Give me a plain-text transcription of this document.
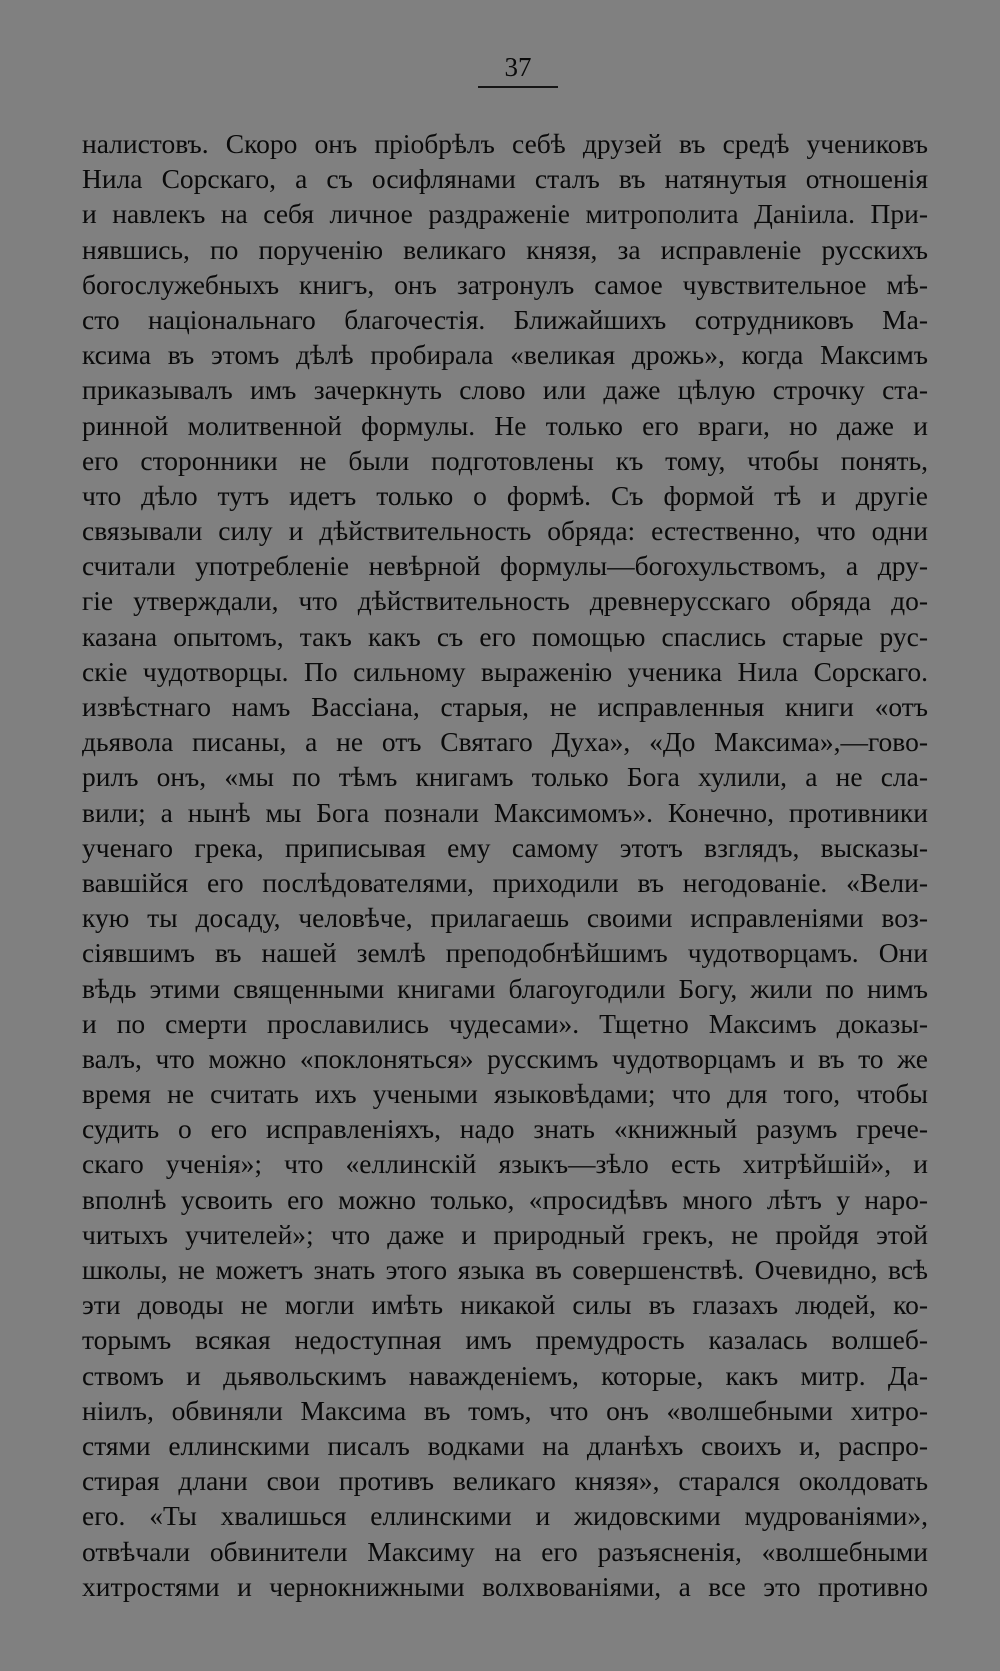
37
налистовъ. Скоро онъ пріобрѣлъ себѣ друзей въ средѣ учениковъ
Нила Сорскаго, а съ осифлянами сталъ въ натянутыя отношенія
и навлекъ на себя личное раздраженіе митрополита Даніила. При-
нявшись, по порученію великаго князя, за исправленіе русскихъ
богослужебныхъ книгъ, онъ затронулъ самое чувствительное мѣ-
сто національнаго благочестія. Ближайшихъ сотрудниковъ Ма-
ксима въ этомъ дѣлѣ пробирала «великая дрожь», когда Максимъ
приказывалъ имъ зачеркнуть слово или даже цѣлую строчку ста-
ринной молитвенной формулы. Не только его враги, но даже и
его сторонники не были подготовлены къ тому, чтобы понять,
что дѣло тутъ идетъ только о формѣ. Съ формой тѣ и другіе
связывали силу и дѣйствительность обряда: естественно, что одни
считали употребленіе невѣрной формулы—богохульствомъ, а дру-
гіе утверждали, что дѣйствительность древнерусскаго обряда до-
казана опытомъ, такъ какъ съ его помощью спаслись старые рус-
скіе чудотворцы. По сильному выраженію ученика Нила Сорскаго.
извѣстнаго намъ Вассіана, старыя, не исправленныя книги «отъ
дьявола писаны, а не отъ Святаго Духа», «До Максима»,—гово-
рилъ онъ, «мы по тѣмъ книгамъ только Бога хулили, а не сла-
вили; а нынѣ мы Бога познали Максимомъ». Конечно, противники
ученаго грека, приписывая ему самому этотъ взглядъ, высказы-
вавшійся его послѣдователями, приходили въ негодованіе. «Вели-
кую ты досаду, человѣче, прилагаешь своими исправленіями воз-
сіявшимъ въ нашей землѣ преподобнѣйшимъ чудотворцамъ. Они
вѣдь этими священными книгами благоугодили Богу, жили по нимъ
и по смерти прославились чудесами». Тщетно Максимъ доказы-
валъ, что можно «поклоняться» русскимъ чудотворцамъ и въ то же
время не считать ихъ учеными языковѣдами; что для того, чтобы
судить о его исправленіяхъ, надо знать «книжный разумъ грече-
скаго ученія»; что «еллинскій языкъ—зѣло есть хитрѣйшій», и
вполнѣ усвоить его можно только, «просидѣвъ много лѣтъ у наро-
читыхъ учителей»; что даже и природный грекъ, не пройдя этой
школы, не можетъ знать этого языка въ совершенствѣ. Очевидно, всѣ
эти доводы не могли имѣть никакой силы въ глазахъ людей, ко-
торымъ всякая недоступная имъ премудрость казалась волшеб-
ствомъ и дьявольскимъ наважденіемъ, которые, какъ митр. Да-
ніилъ, обвиняли Максима въ томъ, что онъ «волшебными хитро-
стями еллинскими писалъ водками на дланѣхъ своихъ и, распро-
стирая длани свои противъ великаго князя», старался околдовать
его. «Ты хвалишься еллинскими и жидовскими мудрованіями»,
отвѣчали обвинители Максиму на его разъясненія, «волшебными
хитростями и чернокнижными волхвованіями, а все это противно
